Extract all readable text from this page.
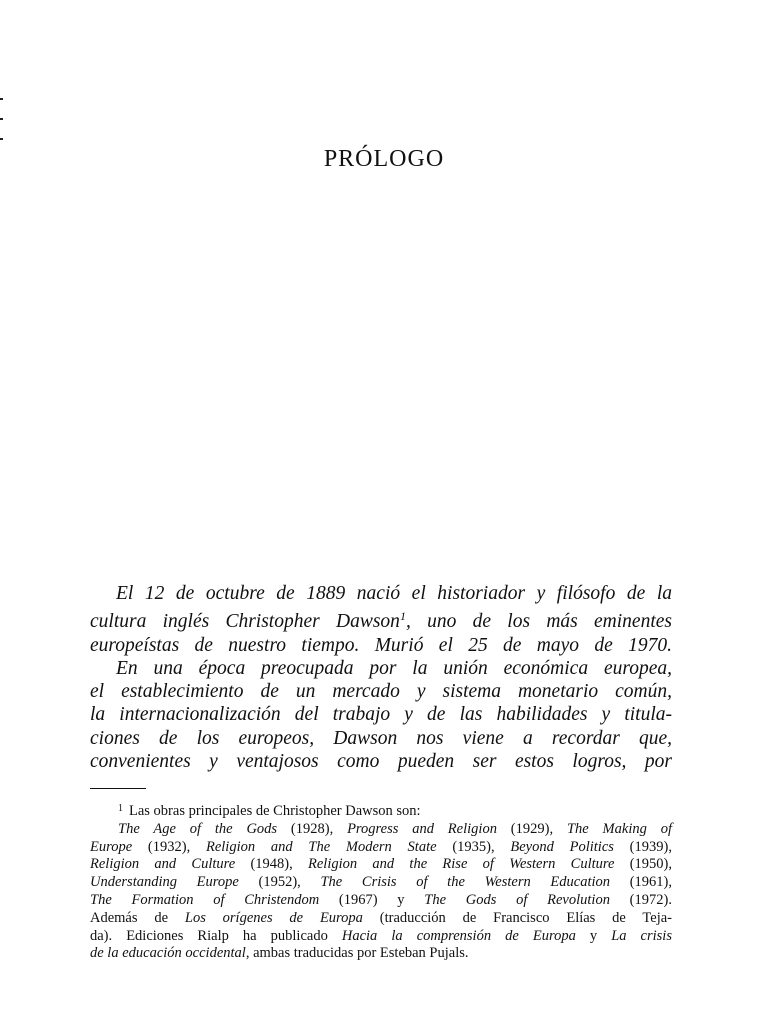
PRÓLOGO
El 12 de octubre de 1889 nació el historiador y filósofo de la
cultura inglés Christopher Dawson$^1$, uno de los más eminentes
europeístas de nuestro tiempo. Murió el 25 de mayo de 1970.
En una época preocupada por la unión económica europea,
el establecimiento de un mercado y sistema monetario común,
la internacionalización del trabajo y de las habilidades y titula-
ciones de los europeos, Dawson nos viene a recordar que,
convenientes y ventajosos como pueden ser estos logros, por
$^1$ Las obras principales de Christopher Dawson son:
The Age of the Gods (1928), Progress and Religion (1929), The Making of
Europe (1932), Religion and The Modern State (1935), Beyond Politics (1939),
Religion and Culture (1948), Religion and the Rise of Western Culture (1950),
Understanding Europe (1952), The Crisis of the Western Education (1961),
The Formation of Christendom (1967) y The Gods of Revolution (1972).
Además de Los orígenes de Europa (traducción de Francisco Elías de Teja-
da). Ediciones Rialp ha publicado Hacia la comprensión de Europa y La crisis
de la educación occidental, ambas traducidas por Esteban Pujals.
